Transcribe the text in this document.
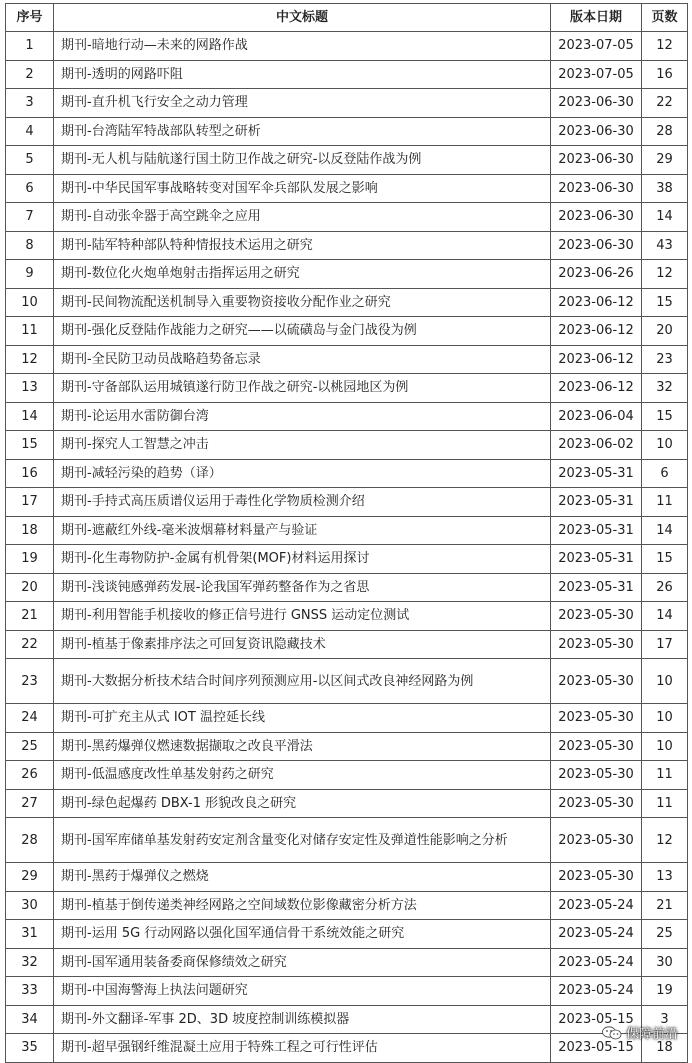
序号	中文标题	版本日期	页数
1	期刊-暗地行动—未来的网路作战	2023-07-05	12
2	期刊-透明的网路吓阻	2023-07-05	16
3	期刊-直升机飞行安全之动力管理	2023-06-30	22
4	期刊-台湾陆军特战部队转型之研析	2023-06-30	28
5	期刊-无人机与陆航遂行国土防卫作战之研究-以反登陆作战为例	2023-06-30	29
6	期刊-中华民国军事战略转变对国军伞兵部队发展之影响	2023-06-30	38
7	期刊-自动张伞器于高空跳伞之应用	2023-06-30	14
8	期刊-陆军特种部队特种情报技术运用之研究	2023-06-30	43
9	期刊-数位化火炮单炮射击指挥运用之研究	2023-06-26	12
10	期刊-民间物流配送机制导入重要物资接收分配作业之研究	2023-06-12	15
11	期刊-强化反登陆作战能力之研究——以硫磺岛与金门战役为例	2023-06-12	20
12	期刊-全民防卫动员战略趋势备忘录	2023-06-12	23
13	期刊-守备部队运用城镇遂行防卫作战之研究-以桃园地区为例	2023-06-12	32
14	期刊-论运用水雷防御台湾	2023-06-04	15
15	期刊-探究人工智慧之冲击	2023-06-02	10
16	期刊-减轻污染的趋势（译）	2023-05-31	6
17	期刊-手持式高压质谱仪运用于毒性化学物质检测介绍	2023-05-31	11
18	期刊-遮蔽红外线-毫米波烟幕材料量产与验证	2023-05-31	14
19	期刊-化生毒物防护-金属有机骨架(MOF)材料运用探讨	2023-05-31	15
20	期刊-浅谈钝感弹药发展-论我国军弹药整备作为之省思	2023-05-31	26
21	期刊-利用智能手机接收的修正信号进行 GNSS 运动定位测试	2023-05-30	14
22	期刊-植基于像素排序法之可回复资讯隐藏技术	2023-05-30	17
23	期刊-大数据分析技术结合时间序列预测应用-以区间式改良神经网路为例	2023-05-30	10
24	期刊-可扩充主从式 IOT 温控延长线	2023-05-30	10
25	期刊-黑药爆弹仪燃速数据撷取之改良平滑法	2023-05-30	10
26	期刊-低温感度改性单基发射药之研究	2023-05-30	11
27	期刊-绿色起爆药 DBX-1 形貌改良之研究	2023-05-30	11
28	期刊-国军库储单基发射药安定剂含量变化对储存安定性及弹道性能影响之分析	2023-05-30	12
29	期刊-黑药于爆弹仪之燃烧	2023-05-30	13
30	期刊-植基于倒传递类神经网路之空间域数位影像藏密分析方法	2023-05-24	21
31	期刊-运用 5G 行动网路以强化国军通信骨干系统效能之研究	2023-05-24	25
32	期刊-国军通用装备委商保修绩效之研究	2023-05-24	30
33	期刊-中国海警海上执法问题研究	2023-05-24	19
34	期刊-外文翻译-军事 2D、3D 坡度控制训练模拟器	2023-05-15	3
35	期刊-超早强钢纤维混凝土应用于特殊工程之可行性评估	2023-05-15	18
保障前沿
